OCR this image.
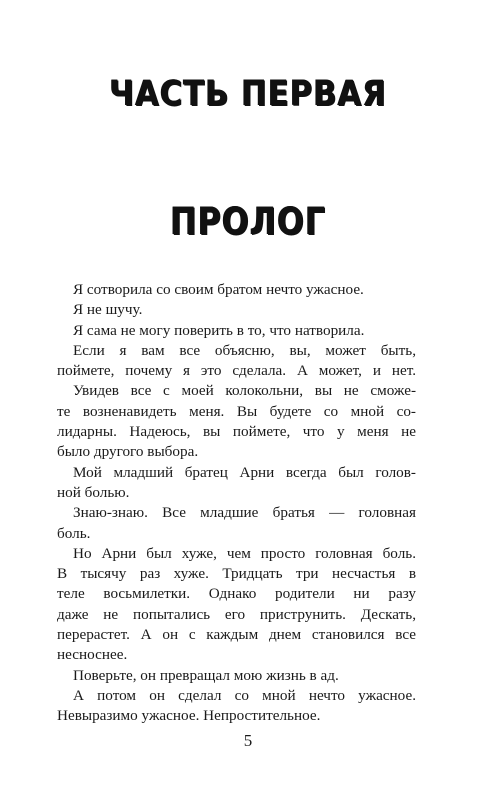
ЧАСТЬ ПЕРВАЯ
ПРОЛОГ
Я сотворила со своим братом нечто ужасное.
Я не шучу.
Я сама не могу поверить в то, что натворила.
Если я вам все объясню, вы, может быть,
поймете, почему я это сделала. А может, и нет.
Увидев все с моей колокольни, вы не сможе-
те возненавидеть меня. Вы будете со мной со-
лидарны. Надеюсь, вы поймете, что у меня не
было другого выбора.
Мой младший братец Арни всегда был голов-
ной болью.
Знаю-знаю. Все младшие братья — головная
боль.
Но Арни был хуже, чем просто головная боль.
В тысячу раз хуже. Тридцать три несчастья в
теле восьмилетки. Однако родители ни разу
даже не попытались его приструнить. Дескать,
перерастет. А он с каждым днем становился все
несноснее.
Поверьте, он превращал мою жизнь в ад.
А потом он сделал со мной нечто ужасное.
Невыразимо ужасное. Непростительное.
5
